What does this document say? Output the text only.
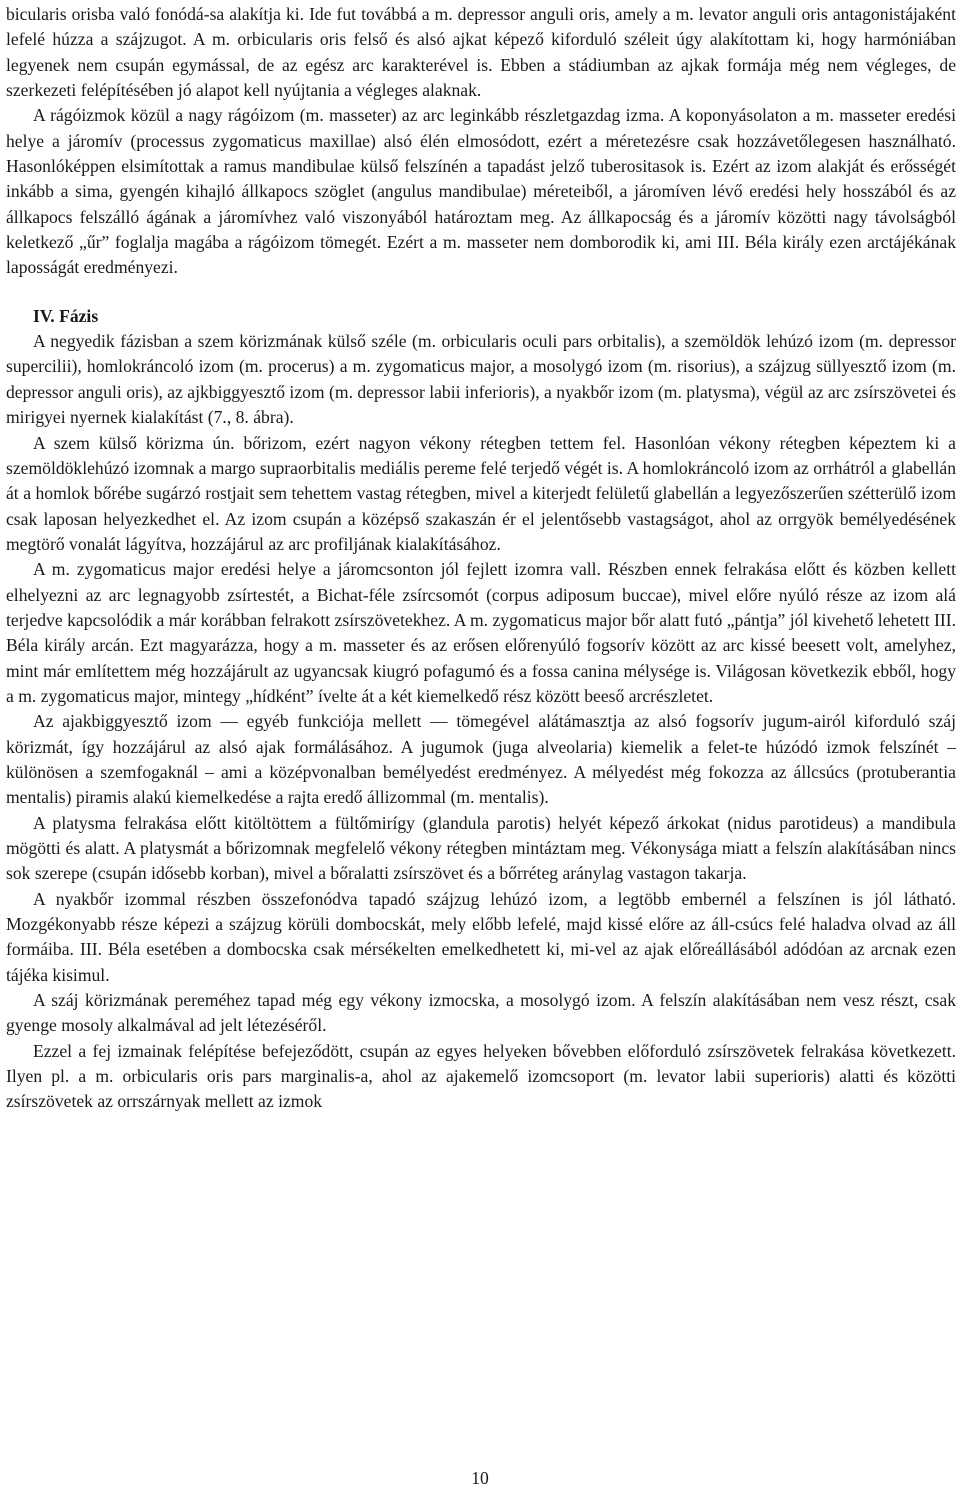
bicularis orisba való fonódá-sa alakítja ki. Ide fut továbbá a m. depressor anguli oris, amely a m. levator anguli oris antagonistájaként lefelé húzza a szájzugot. A m. orbicularis oris felső és alsó ajkat képező kiforduló széleit úgy alakítottam ki, hogy harmóniában legyenek nem csupán egymással, de az egész arc karakterével is. Ebben a stádiumban az ajkak formája még nem végleges, de szerkezeti felépítésében jó alapot kell nyújtania a végleges alaknak.

A rágóizmok közül a nagy rágóizom (m. masseter) az arc leginkább részletgazdag izma. A koponyásolaton a m. masseter eredési helye a járomív (processus zygomaticus maxillae) alsó élén elmosódott, ezért a méretezésre csak hozzávetőlegesen használható. Hasonlóképpen elsimítottak a ramus mandibulae külső felszínén a tapadást jelző tuberositasok is. Ezért az izom alakját és erősségét inkább a sima, gyengén kihajló állkapocs szöglet (angulus mandibulae) méreteiből, a járomíven lévő eredési hely hosszából és az állkapocs felszálló ágának a járomívhez való viszonyából határoztam meg. Az állkapocság és a járomív közötti nagy távolságból keletkező „űr” foglalja magába a rágóizom tömegét. Ezért a m. masseter nem domborodik ki, ami III. Béla király ezen arctájékának laposságát eredményezi.

IV. Fázis

A negyedik fázisban a szem körizmának külső széle (m. orbicularis oculi pars orbitalis), a szemöldök lehúzó izom (m. depressor supercilii), homlokráncoló izom (m. procerus) a m. zygomaticus major, a mosolygó izom (m. risorius), a szájzug süllyesztő izom (m. depressor anguli oris), az ajkbiggyesztő izom (m. depressor labii inferioris), a nyakbőr izom (m. platysma), végül az arc zsírszövetei és mirigyei nyernek kialakítást (7., 8. ábra).

A szem külső körizma ún. bőrizom, ezért nagyon vékony rétegben tettem fel. Hasonlóan vékony rétegben képeztem ki a szemöldöklehúzó izomnak a margo supraorbitalis mediális pereme felé terjedő végét is. A homlokráncoló izom az orrhátról a glabellán át a homlok bőrébe sugárzó rostjait sem tehettem vastag rétegben, mivel a kiterjedt felületű glabellán a legyezőszerűen szétterülő izom csak laposan helyezkedhet el. Az izom csupán a középső szakaszán ér el jelentősebb vastagságot, ahol az orrgyök bemélyedésének megtörő vonalát lágyítva, hozzájárul az arc profiljának kialakításához.

A m. zygomaticus major eredési helye a járomcsonton jól fejlett izomra vall. Részben ennek felrakása előtt és közben kellett elhelyezni az arc legnagyobb zsírtestét, a Bichat-féle zsírcsomót (corpus adiposum buccae), mivel előre nyúló része az izom alá terjedve kapcsolódik a már korábban felrakott zsírszövetekhez. A m. zygomaticus major bőr alatt futó „pántja” jól kivehető lehetett III. Béla király arcán. Ezt magyarázza, hogy a m. masseter és az erősen előrenyúló fogsorív között az arc kissé beesett volt, amelyhez, mint már említettem még hozzájárult az ugyancsak kiugró pofagumó és a fossa canina mélysége is. Világosan következik ebből, hogy a m. zygomaticus major, mintegy „hídként” ívelte át a két kiemelkedő rész között beeső arcrészletet.

Az ajakbiggyesztő izom — egyéb funkciója mellett — tömegével alátámasztja az alsó fogsorív jugum-airól kiforduló száj körizmát, így hozzájárul az alsó ajak formálásához. A jugumok (juga alveolaria) kiemelik a felet-te húzódó izmok felszínét – különösen a szemfogaknál – ami a középvonalban bemélyedést eredményez. A mélyedést még fokozza az állcsúcs (protuberantia mentalis) piramis alakú kiemelkedése a rajta eredő állizommal (m. mentalis).

A platysma felrakása előtt kitöltöttem a fültőmirígy (glandula parotis) helyét képező árkokat (nidus parotideus) a mandibula mögötti és alatt. A platysmát a bőrizomnak megfelelő vékony rétegben mintáztam meg. Vékonysága miatt a felszín alakításában nincs sok szerepe (csupán idősebb korban), mivel a bőralatti zsírszövet és a bőrréteg aránylag vastagon takarja.

A nyakbőr izommal részben összefonódva tapadó szájzug lehúzó izom, a legtöbb embernél a felszínen is jól látható. Mozgékonyabb része képezi a szájzug körüli dombocskát, mely előbb lefelé, majd kissé előre az áll-csúcs felé haladva olvad az áll formáiba. III. Béla esetében a dombocska csak mérsékelten emelkedhetett ki, mi-vel az ajak előreállásából adódóan az arcnak ezen tájéka kisimul.

A száj körizmának pereméhez tapad még egy vékony izmocska, a mosolygó izom. A felszín alakításában nem vesz részt, csak gyenge mosoly alkalmával ad jelt létezéséről.

Ezzel a fej izmainak felépítése befejeződött, csupán az egyes helyeken bővebben előforduló zsírszövetek felrakása következett. Ilyen pl. a m. orbicularis oris pars marginalis-a, ahol az ajakemelő izomcsoport (m. levator labii superioris) alatti és közötti zsírszövetek az orrszárnyak mellett az izmok

10
